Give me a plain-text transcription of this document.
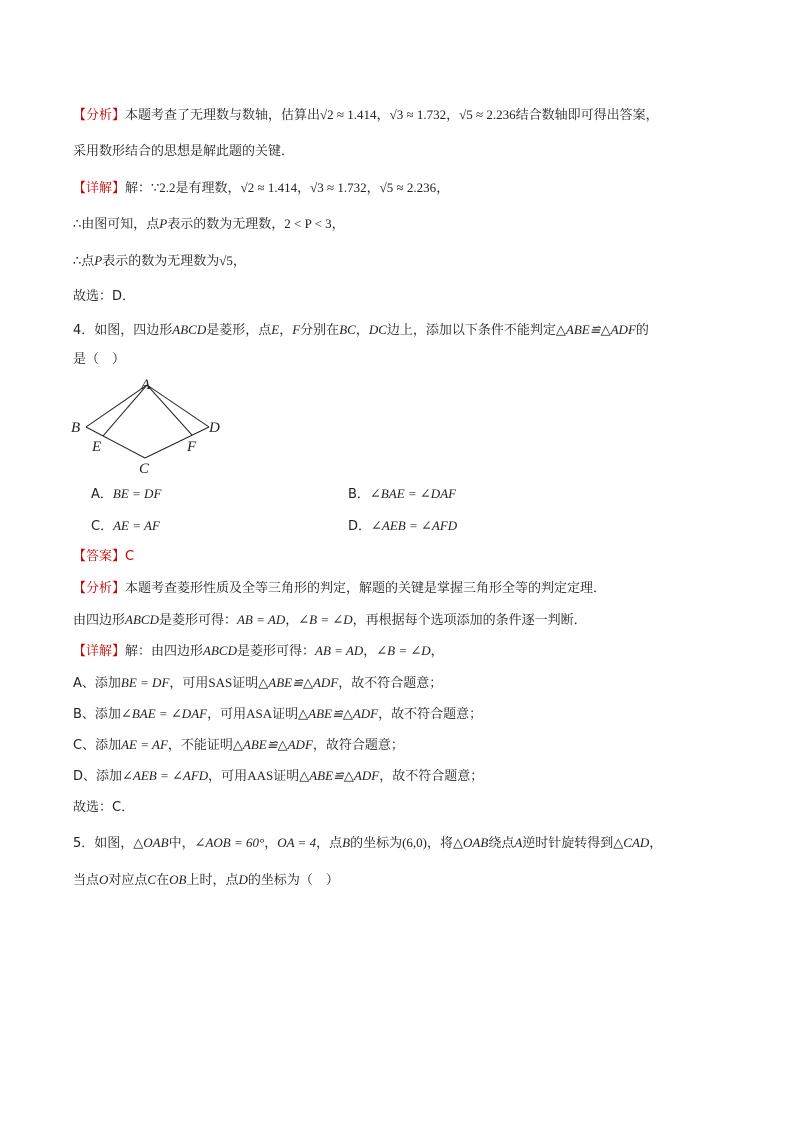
【分析】本题考查了无理数与数轴，估算出√2 ≈ 1.414，√3 ≈ 1.732，√5 ≈ 2.236结合数轴即可得出答案，
采用数形结合的思想是解此题的关键．
【详解】解：∵2.2是有理数，√2 ≈ 1.414，√3 ≈ 1.732，√5 ≈ 2.236，
∴由图可知，点P表示的数为无理数，2 < P < 3，
∴点P表示的数为无理数为√5，
故选：D．
4．如图，四边形ABCD是菱形，点E，F分别在BC，DC边上，添加以下条件不能判定△ABE≌△ADF的
是（　）
A
B	D
E	F
C
A．BE = DF	B．∠BAE = ∠DAF
C．AE = AF	D．∠AEB = ∠AFD
【答案】C
【分析】本题考查菱形性质及全等三角形的判定，解题的关键是掌握三角形全等的判定定理．
由四边形ABCD是菱形可得：AB = AD，∠B = ∠D，再根据每个选项添加的条件逐一判断．
【详解】解：由四边形ABCD是菱形可得：AB = AD，∠B = ∠D，
A、添加BE = DF，可用SAS证明△ABE≌△ADF，故不符合题意；
B、添加∠BAE = ∠DAF，可用ASA证明△ABE≌△ADF，故不符合题意；
C、添加AE = AF，不能证明△ABE≌△ADF，故符合题意；
D、添加∠AEB = ∠AFD，可用AAS证明△ABE≌△ADF，故不符合题意；
故选：C．
5．如图，△OAB中，∠AOB = 60°，OA = 4，点B的坐标为(6,0)，将△OAB绕点A逆时针旋转得到△CAD，
当点O对应点C在OB上时，点D的坐标为（　）
